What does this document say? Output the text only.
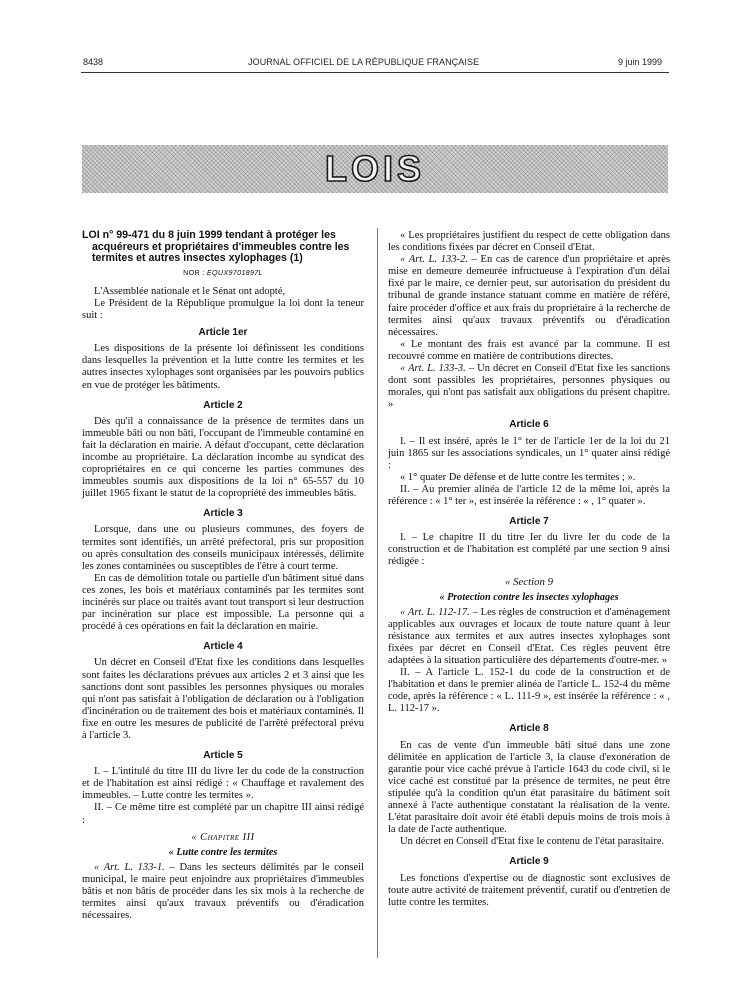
8438	JOURNAL OFFICIEL DE LA RÉPUBLIQUE FRANÇAISE	9 juin 1999
LOIS
LOI n° 99-471 du 8 juin 1999 tendant à protéger les acquéreurs et propriétaires d'immeubles contre les termites et autres insectes xylophages (1)
NOR : EQUX9701897L

L'Assemblée nationale et le Sénat ont adopté,

Le Président de la République promulgue la loi dont la teneur suit :

Article 1er

Les dispositions de la présente loi définissent les conditions dans lesquelles la prévention et la lutte contre les termites et les autres insectes xylophages sont organisées par les pouvoirs publics en vue de protéger les bâtiments.

Article 2

Dès qu'il a connaissance de la présence de termites dans un immeuble bâti ou non bâti, l'occupant de l'immeuble contaminé en fait la déclaration en mairie. A défaut d'occupant, cette déclaration incombe au propriétaire. La déclaration incombe au syndicat des copropriétaires en ce qui concerne les parties communes des immeubles soumis aux dispositions de la loi n° 65-557 du 10 juillet 1965 fixant le statut de la copropriété des immeubles bâtis.

Article 3

Lorsque, dans une ou plusieurs communes, des foyers de termites sont identifiés, un arrêté préfectoral, pris sur proposition ou après consultation des conseils municipaux intéressés, délimite les zones contaminées ou susceptibles de l'être à court terme.

En cas de démolition totale ou partielle d'un bâtiment situé dans ces zones, les bois et matériaux contaminés par les termites sont incinérés sur place ou traités avant tout transport si leur destruction par incinération sur place est impossible. La personne qui a procédé à ces opérations en fait la déclaration en mairie.

Article 4

Un décret en Conseil d'Etat fixe les conditions dans lesquelles sont faites les déclarations prévues aux articles 2 et 3 ainsi que les sanctions dont sont passibles les personnes physiques ou morales qui n'ont pas satisfait à l'obligation de déclaration ou à l'obligation d'incinération ou de traitement des bois et matériaux contaminés. Il fixe en outre les mesures de publicité de l'arrêté préfectoral prévu à l'article 3.

Article 5

I. – L'intitulé du titre III du livre Ier du code de la construction et de l'habitation est ainsi rédigé : « Chauffage et ravalement des immeubles. – Lutte contre les termites ».

II. – Ce même titre est complété par un chapitre III ainsi rédigé :

« Chapitre III
« Lutte contre les termites

« Art. L. 133-1. – Dans les secteurs délimités par le conseil municipal, le maire peut enjoindre aux propriétaires d'immeubles bâtis et non bâtis de procéder dans les six mois à la recherche de termites ainsi qu'aux travaux préventifs ou d'éradication nécessaires.

« Les propriétaires justifient du respect de cette obligation dans les conditions fixées par décret en Conseil d'Etat.

« Art. L. 133-2. – En cas de carence d'un propriétaire et après mise en demeure demeurée infructueuse à l'expiration d'un délai fixé par le maire, ce dernier peut, sur autorisation du président du tribunal de grande instance statuant comme en matière de référé, faire procéder d'office et aux frais du propriétaire à la recherche de termites ainsi qu'aux travaux préventifs ou d'éradication nécessaires.

« Le montant des frais est avancé par la commune. Il est recouvré comme en matière de contributions directes.

« Art. L. 133-3. – Un décret en Conseil d'Etat fixe les sanctions dont sont passibles les propriétaires, personnes physiques ou morales, qui n'ont pas satisfait aux obligations du présent chapitre. »

Article 6

I. – Il est inséré, après le 1° ter de l'article 1er de la loi du 21 juin 1865 sur les associations syndicales, un 1° quater ainsi rédigé :

« 1° quater De défense et de lutte contre les termites ; ».

II. – Au premier alinéa de l'article 12 de la même loi, après la référence : « 1° ter », est insérée la référence : « , 1° quater ».

Article 7

I. – Le chapitre II du titre Ier du livre Ier du code de la construction et de l'habitation est complété par une section 9 ainsi rédigée :

« Section 9
« Protection contre les insectes xylophages

« Art. L. 112-17. – Les règles de construction et d'aménagement applicables aux ouvrages et locaux de toute nature quant à leur résistance aux termites et aux autres insectes xylophages sont fixées par décret en Conseil d'Etat. Ces règles peuvent être adaptées à la situation particulière des départements d'outre-mer. »

II. – A l'article L. 152-1 du code de la construction et de l'habitation et dans le premier alinéa de l'article L. 152-4 du même code, après la référence : « L. 111-9 », est insérée la référence : « , L. 112-17 ».

Article 8

En cas de vente d'un immeuble bâti situé dans une zone délimitée en application de l'article 3, la clause d'exonération de garantie pour vice caché prévue à l'article 1643 du code civil, si le vice caché est constitué par la présence de termites, ne peut être stipulée qu'à la condition qu'un état parasitaire du bâtiment soit annexé à l'acte authentique constatant la réalisation de la vente. L'état parasitaire doit avoir été établi depuis moins de trois mois à la date de l'acte authentique.

Un décret en Conseil d'Etat fixe le contenu de l'état parasitaire.

Article 9

Les fonctions d'expertise ou de diagnostic sont exclusives de toute autre activité de traitement préventif, curatif ou d'entretien de lutte contre les termites.
